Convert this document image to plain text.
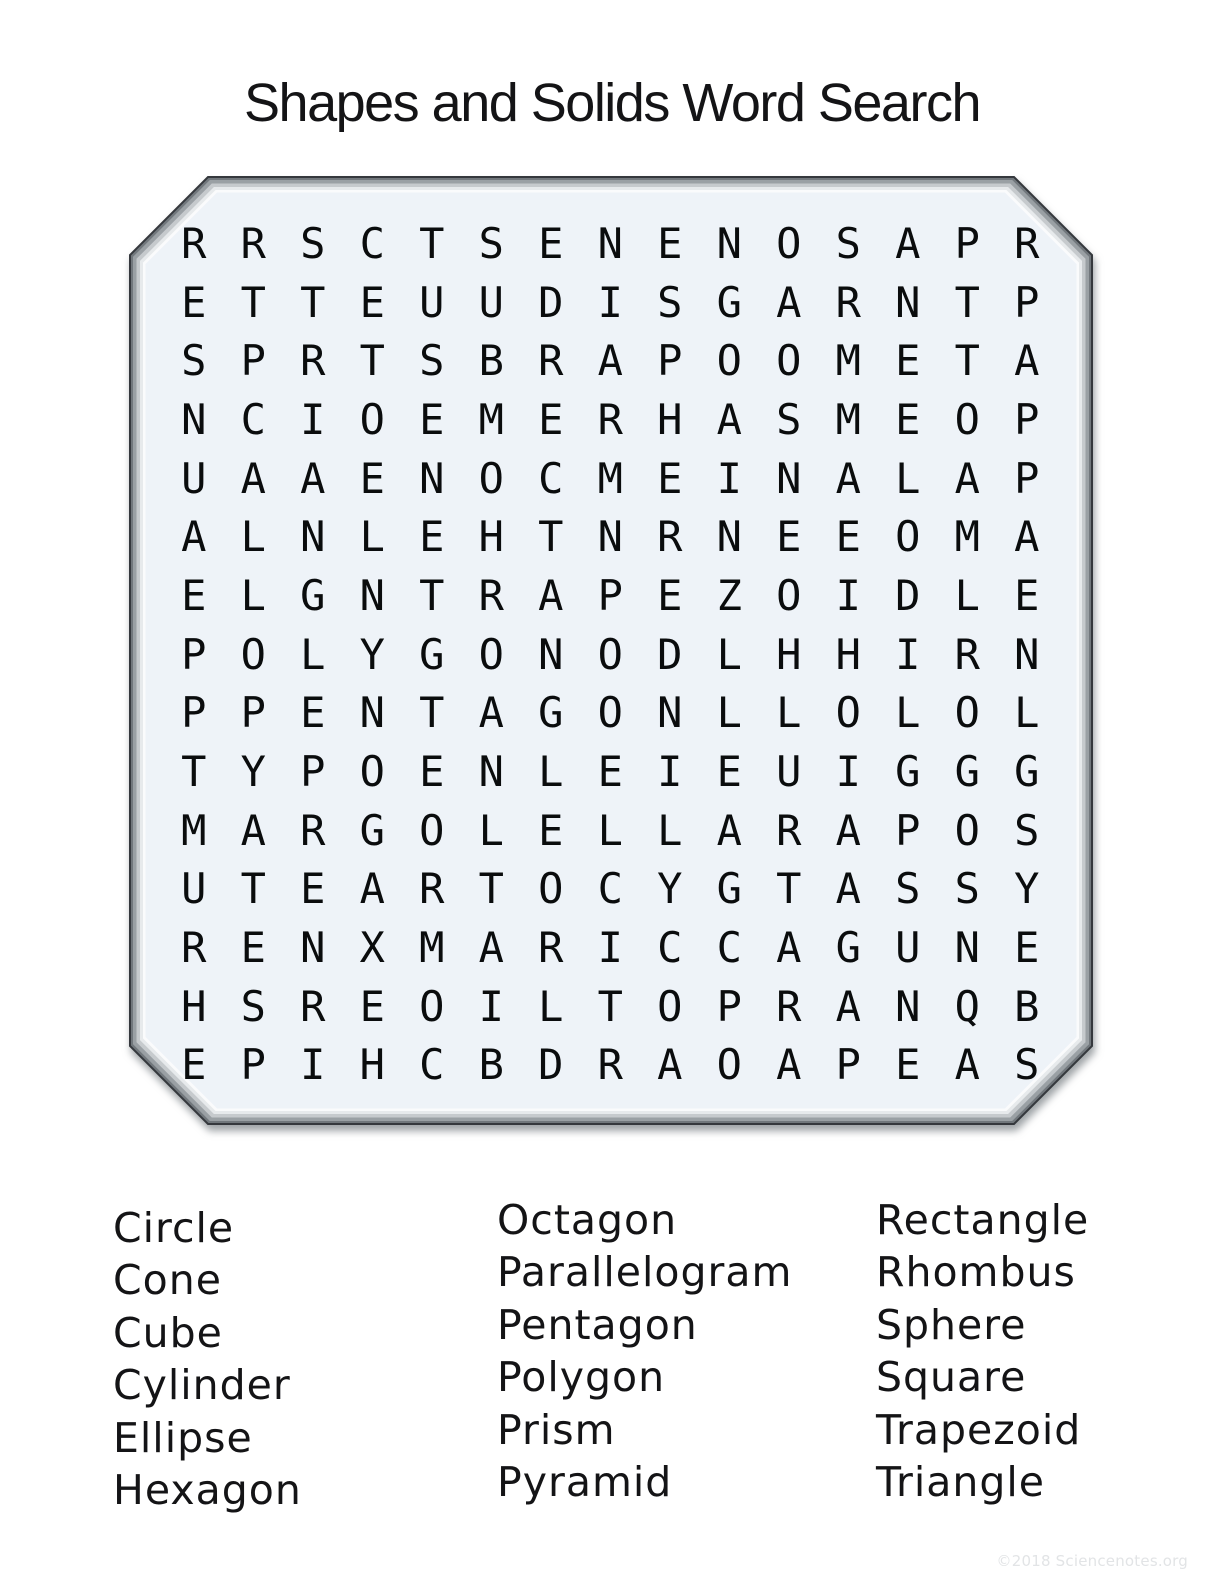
Shapes and Solids Word Search
R R S C T S E N E N O S A P R
E T T E U U D I S G A R N T P
S P R T S B R A P O O M E T A
N C I O E M E R H A S M E O P
U A A E N O C M E I N A L A P
A L N L E H T N R N E E O M A
E L G N T R A P E Z O I D L E
P O L Y G O N O D L H H I R N
P P E N T A G O N L L O L O L
T Y P O E N L E I E U I G G G
M A R G O L E L L A R A P O S
U T E A R T O C Y G T A S S Y
R E N X M A R I C C A G U N E
H S R E O I L T O P R A N Q B
E P I H C B D R A O A P E A S
Circle
Cone
Cube
Cylinder
Ellipse
Hexagon
Octagon
Parallelogram
Pentagon
Polygon
Prism
Pyramid
Rectangle
Rhombus
Sphere
Square
Trapezoid
Triangle
©2018 Sciencenotes.org
